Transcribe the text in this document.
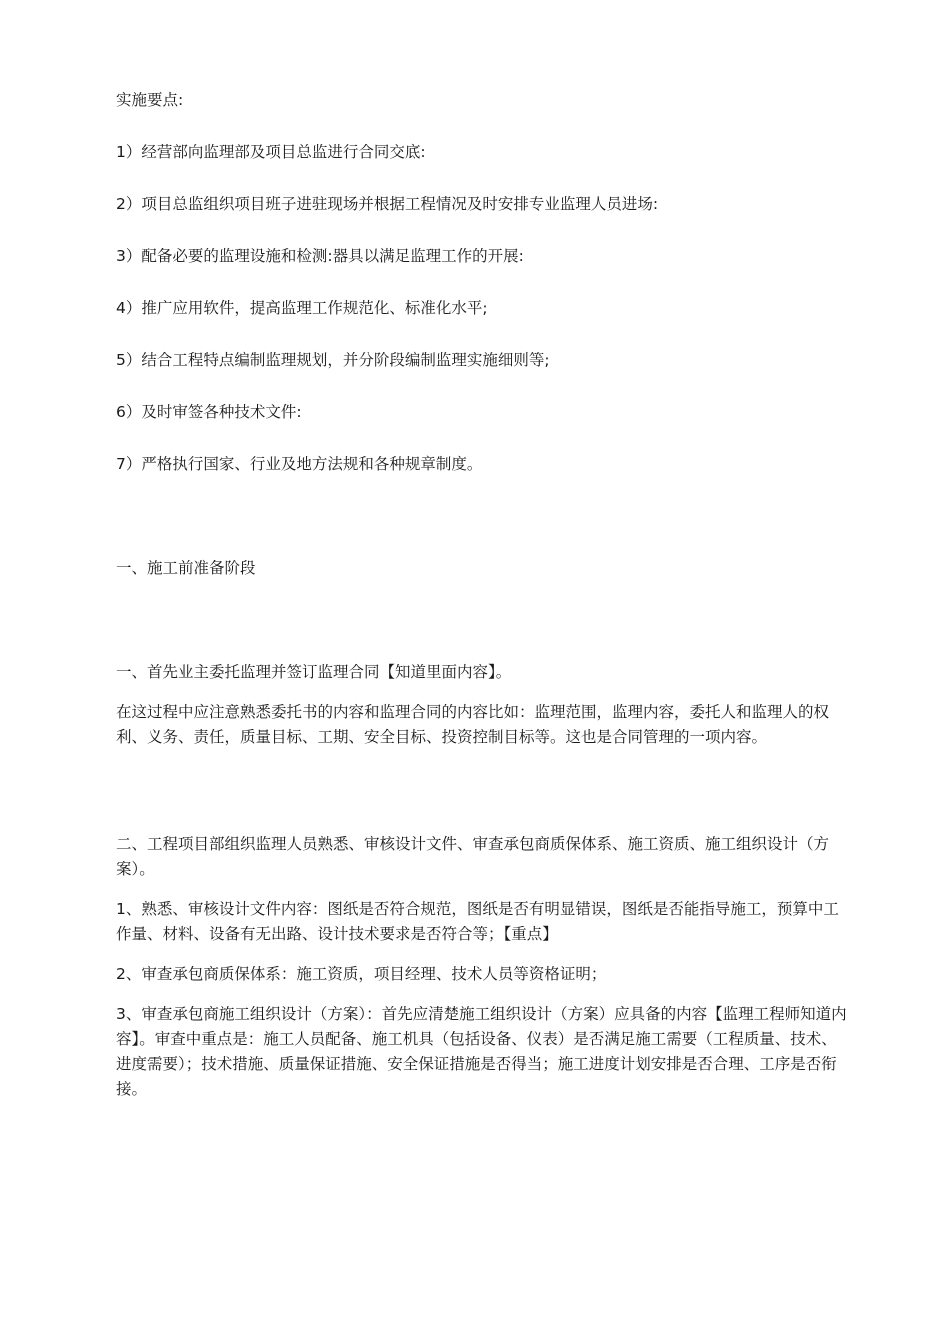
实施要点:

1）经营部向监理部及项目总监进行合同交底:

2）项目总监组织项目班子进驻现场并根据工程情况及时安排专业监理人员进场:

3）配备必要的监理设施和检测:器具以满足监理工作的开展:

4）推广应用软件，提高监理工作规范化、标准化水平;

5）结合工程特点编制监理规划，并分阶段编制监理实施细则等;

6）及时审签各种技术文件:

7）严格执行国家、行业及地方法规和各种规章制度。

一、施工前准备阶段

一、首先业主委托监理并签订监理合同【知道里面内容】。

在这过程中应注意熟悉委托书的内容和监理合同的内容比如：监理范围，监理内容，委托人和监理人的权利、义务、责任，质量目标、工期、安全目标、投资控制目标等。这也是合同管理的一项内容。

二、工程项目部组织监理人员熟悉、审核设计文件、审查承包商质保体系、施工资质、施工组织设计（方案）。

1、熟悉、审核设计文件内容：图纸是否符合规范，图纸是否有明显错误，图纸是否能指导施工，预算中工作量、材料、设备有无出路、设计技术要求是否符合等；【重点】

2、审查承包商质保体系：施工资质，项目经理、技术人员等资格证明；

3、审查承包商施工组织设计（方案）：首先应清楚施工组织设计（方案）应具备的内容【监理工程师知道内容】。审查中重点是：施工人员配备、施工机具（包括设备、仪表）是否满足施工需要（工程质量、技术、进度需要）；技术措施、质量保证措施、安全保证措施是否得当；施工进度计划安排是否合理、工序是否衔接。
